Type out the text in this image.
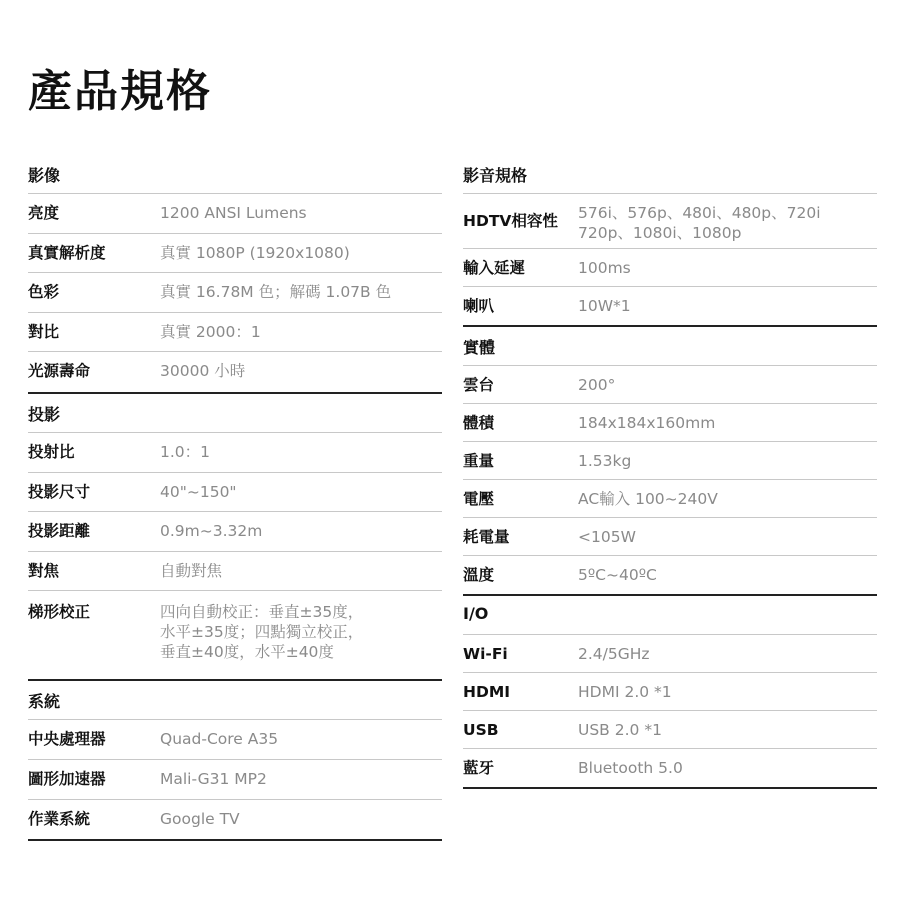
產品規格
影像
亮度	1200 ANSI Lumens
真實解析度	真實 1080P (1920x1080)
色彩	真實 16.78M 色；解碼 1.07B 色
對比	真實 2000：1
光源壽命	30000 小時
投影
投射比	1.0：1
投影尺寸	40"~150"
投影距離	0.9m~3.32m
對焦	自動對焦
梯形校正	四向自動校正：垂直±35度，
水平±35度；四點獨立校正，
垂直±40度，水平±40度
系統
中央處理器	Quad-Core A35
圖形加速器	Mali-G31 MP2
作業系統	Google TV
影音規格
HDTV相容性	576i、576p、480i、480p、720i
720p、1080i、1080p
輸入延遲	100ms
喇叭	10W*1
實體
雲台	200°
體積	184x184x160mm
重量	1.53kg
電壓	AC輸入 100~240V
耗電量	<105W
溫度	5ºC~40ºC
I/O
Wi-Fi	2.4/5GHz
HDMI	HDMI 2.0 *1
USB	USB 2.0 *1
藍牙	Bluetooth 5.0
